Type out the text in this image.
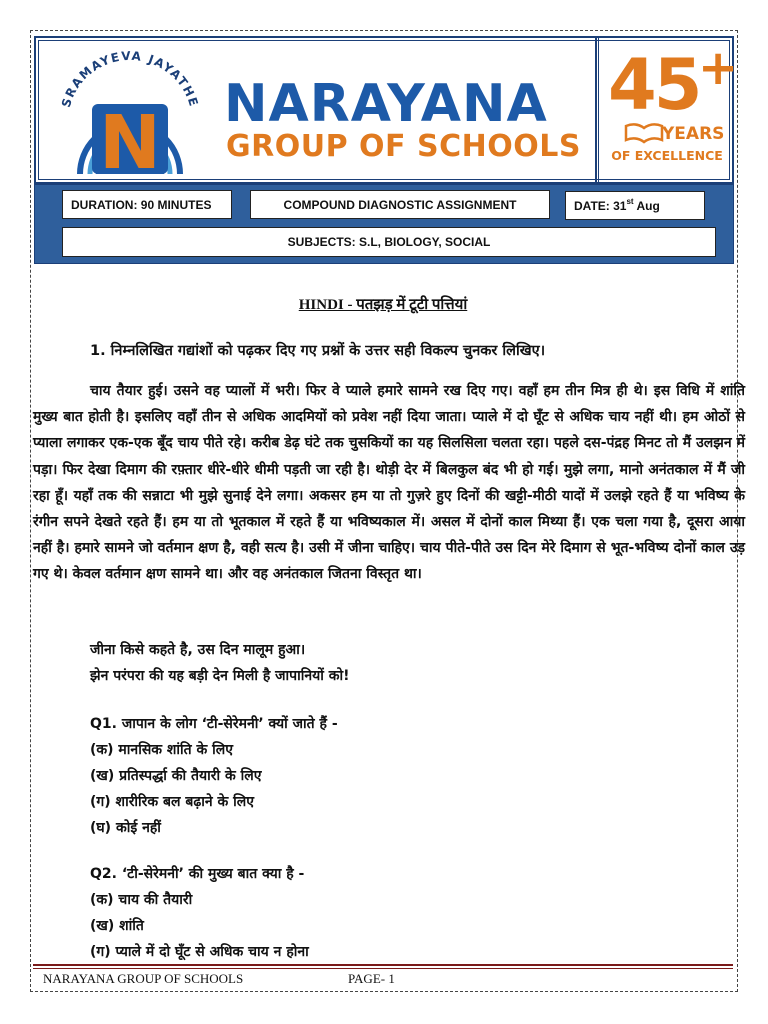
SRAMAYEVA JAYATHE
N NARAYANA
GROUP OF SCHOOLS
45
+
YEARS
OF EXCELLENCE
DURATION: 90 MINUTES	COMPOUND DIAGNOSTIC ASSIGNMENT	DATE: 31st Aug
SUBJECTS: S.L, BIOLOGY, SOCIAL
HINDI - पतझड़ में टूटी पत्तियां
1. निम्नलिखित गद्यांशों को पढ़कर दिए गए प्रश्नों के उत्तर सही विकल्प चुनकर लिखिए।
चाय तैयार हुई। उसने वह प्यालों में भरी। फिर वे प्याले हमारे सामने रख दिए गए। वहाँ हम तीन मित्र ही थे। इस विधि में शांति मुख्य बात होती है। इसलिए वहाँ तीन से अधिक आदमियों को प्रवेश नहीं दिया जाता। प्याले में दो घूँट से अधिक चाय नहीं थी। हम ओठों से प्याला लगाकर एक-एक बूँद चाय पीते रहे। करीब डेढ़ घंटे तक चुसकियों का यह सिलसिला चलता रहा। पहले दस-पंद्रह मिनट तो मैं उलझन में पड़ा। फिर देखा दिमाग की रफ़्तार धीरे-धीरे धीमी पड़ती जा रही है। थोड़ी देर में बिलकुल बंद भी हो गई। मुझे लगा, मानो अनंतकाल में मैं जी रहा हूँ। यहाँ तक की सन्नाटा भी मुझे सुनाई देने लगा। अकसर हम या तो गुज़रे हुए दिनों की खट्टी-मीठी यादों में उलझे रहते हैं या भविष्य के रंगीन सपने देखते रहते हैं। हम या तो भूतकाल में रहते हैं या भविष्यकाल में। असल में दोनों काल मिथ्या हैं। एक चला गया है, दूसरा आया नहीं है। हमारे सामने जो वर्तमान क्षण है, वही सत्य है। उसी में जीना चाहिए। चाय पीते-पीते उस दिन मेरे दिमाग से भूत-भविष्य दोनों काल उड़ गए थे। केवल वर्तमान क्षण सामने था। और वह अनंतकाल जितना विस्तृत था।
जीना किसे कहते है, उस दिन मालूम हुआ।
झेन परंपरा की यह बड़ी देन मिली है जापानियों को!
Q1. जापान के लोग ‘टी-सेरेमनी’ क्यों जाते हैं -
(क) मानसिक शांति के लिए
(ख) प्रतिस्पर्द्धा की तैयारी के लिए
(ग) शारीरिक बल बढ़ाने के लिए
(घ) कोई नहीं
Q2. ‘टी-सेरेमनी’ की मुख्य बात क्या है -
(क) चाय की तैयारी
(ख) शांति
(ग) प्याले में दो घूँट से अधिक चाय न होना
NARAYANA GROUP OF SCHOOLS	PAGE- 1
